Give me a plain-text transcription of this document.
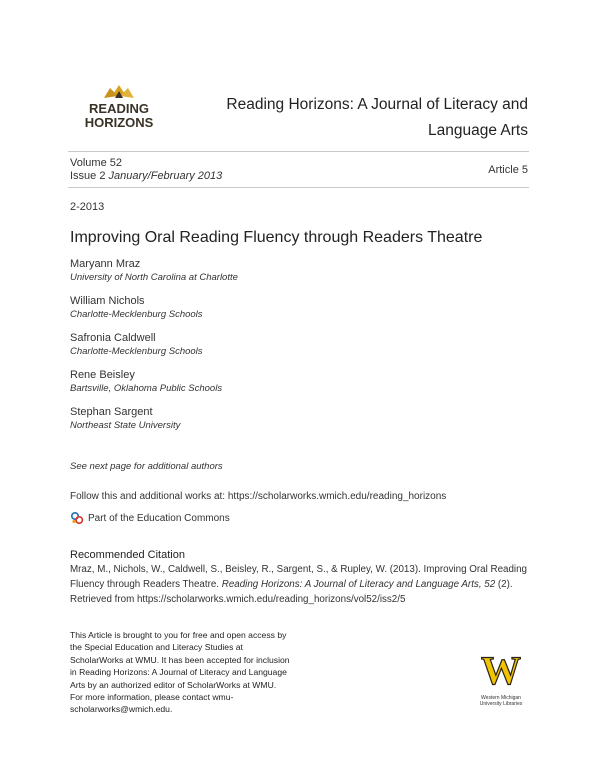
READING
HORIZONS
Reading Horizons: A Journal of Literacy and
Language Arts
Volume 52
Issue 2 January/February 2013	Article 5
2-2013
Improving Oral Reading Fluency through Readers Theatre
Maryann Mraz
University of North Carolina at Charlotte
William Nichols
Charlotte-Mecklenburg Schools
Safronia Caldwell
Charlotte-Mecklenburg Schools
Rene Beisley
Bartsville, Oklahoma Public Schools
Stephan Sargent
Northeast State University
See next page for additional authors
Follow this and additional works at: https://scholarworks.wmich.edu/reading_horizons
Part of the Education Commons
Recommended Citation
Mraz, M., Nichols, W., Caldwell, S., Beisley, R., Sargent, S., & Rupley, W. (2013). Improving Oral Reading Fluency through Readers Theatre. Reading Horizons: A Journal of Literacy and Language Arts, 52 (2). Retrieved from https://scholarworks.wmich.edu/reading_horizons/vol52/iss2/5
This Article is brought to you for free and open access by
the Special Education and Literacy Studies at
ScholarWorks at WMU. It has been accepted for inclusion
in Reading Horizons: A Journal of Literacy and Language
Arts by an authorized editor of ScholarWorks at WMU.
For more information, please contact wmu-
scholarworks@wmich.edu.
W
Western Michigan
University Libraries
